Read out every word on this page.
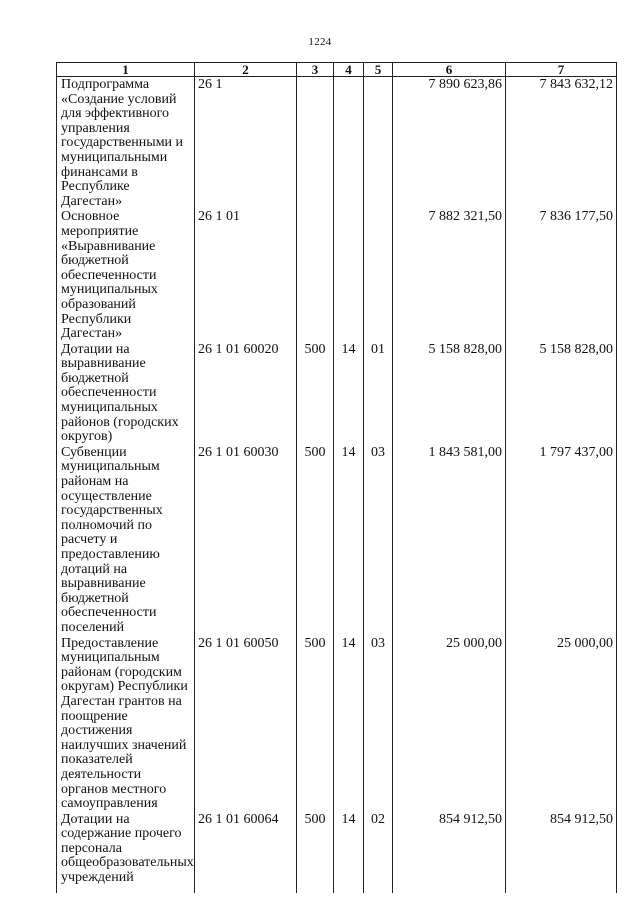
1224
1	2	3	4	5	6	7
Подпрограмма «Создание условий для эффективного управления государственными и муниципальными финансами в Республике Дагестан»	26 1				7 890 623,86	7 843 632,12
Основное мероприятие «Выравнивание бюджетной обеспеченности муниципальных образований Республики Дагестан»	26 1 01				7 882 321,50	7 836 177,50
Дотации на выравнивание бюджетной обеспеченности муниципальных районов (городских округов)	26 1 01 60020	500	14	01	5 158 828,00	5 158 828,00
Субвенции муниципальным районам на осуществление государственных полномочий по расчету и предоставлению дотаций на выравнивание бюджетной обеспеченности поселений	26 1 01 60030	500	14	03	1 843 581,00	1 797 437,00
Предоставление муниципальным районам (городским округам) Республики Дагестан грантов на поощрение достижения наилучших значений показателей деятельности органов местного самоуправления	26 1 01 60050	500	14	03	25 000,00	25 000,00
Дотации на содержание прочего персонала общеобразовательных учреждений	26 1 01 60064	500	14	02	854 912,50	854 912,50
